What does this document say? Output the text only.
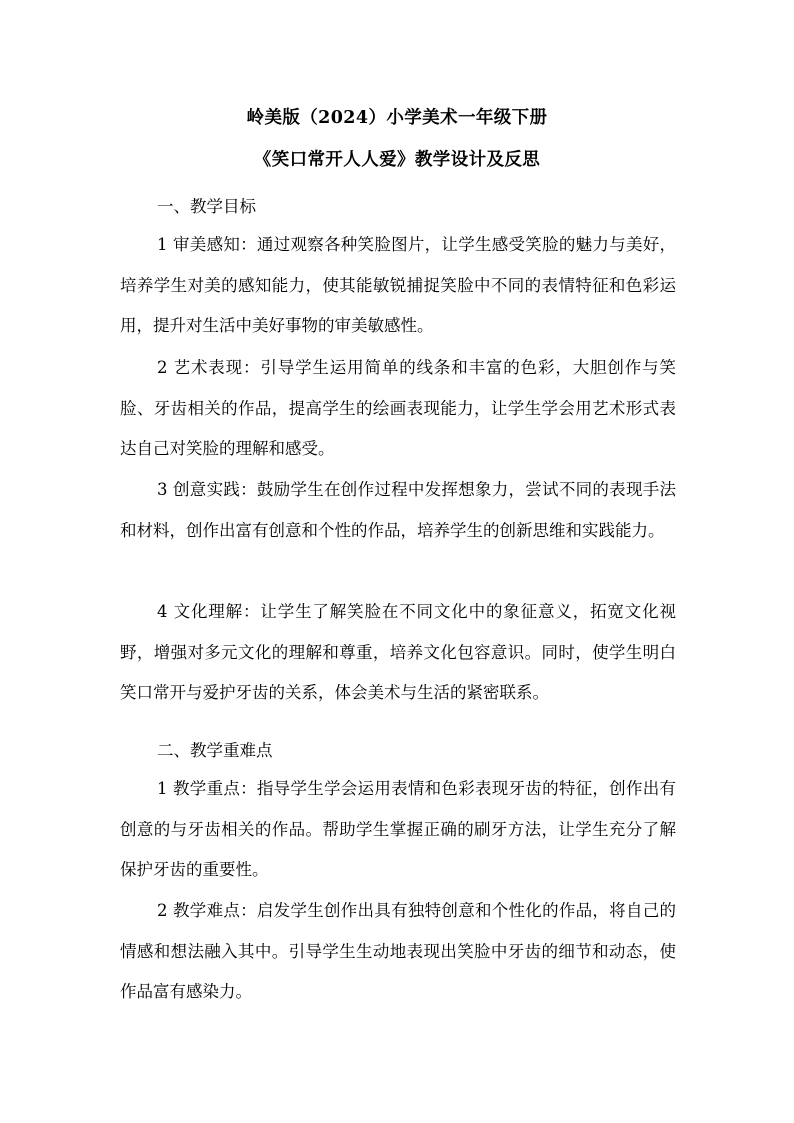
岭美版（2024）小学美术一年级下册
《笑口常开人人爱》教学设计及反思
一、教学目标
1 审美感知：通过观察各种笑脸图片，让学生感受笑脸的魅力与美好，培养学生对美的感知能力，使其能敏锐捕捉笑脸中不同的表情特征和色彩运用，提升对生活中美好事物的审美敏感性。
2 艺术表现：引导学生运用简单的线条和丰富的色彩，大胆创作与笑脸、牙齿相关的作品，提高学生的绘画表现能力，让学生学会用艺术形式表达自己对笑脸的理解和感受。
3 创意实践：鼓励学生在创作过程中发挥想象力，尝试不同的表现手法和材料，创作出富有创意和个性的作品，培养学生的创新思维和实践能力。
4 文化理解：让学生了解笑脸在不同文化中的象征意义，拓宽文化视野，增强对多元文化的理解和尊重，培养文化包容意识。同时，使学生明白笑口常开与爱护牙齿的关系，体会美术与生活的紧密联系。
二、教学重难点
1 教学重点：指导学生学会运用表情和色彩表现牙齿的特征，创作出有创意的与牙齿相关的作品。帮助学生掌握正确的刷牙方法，让学生充分了解保护牙齿的重要性。
2 教学难点：启发学生创作出具有独特创意和个性化的作品，将自己的情感和想法融入其中。引导学生生动地表现出笑脸中牙齿的细节和动态，使作品富有感染力。
